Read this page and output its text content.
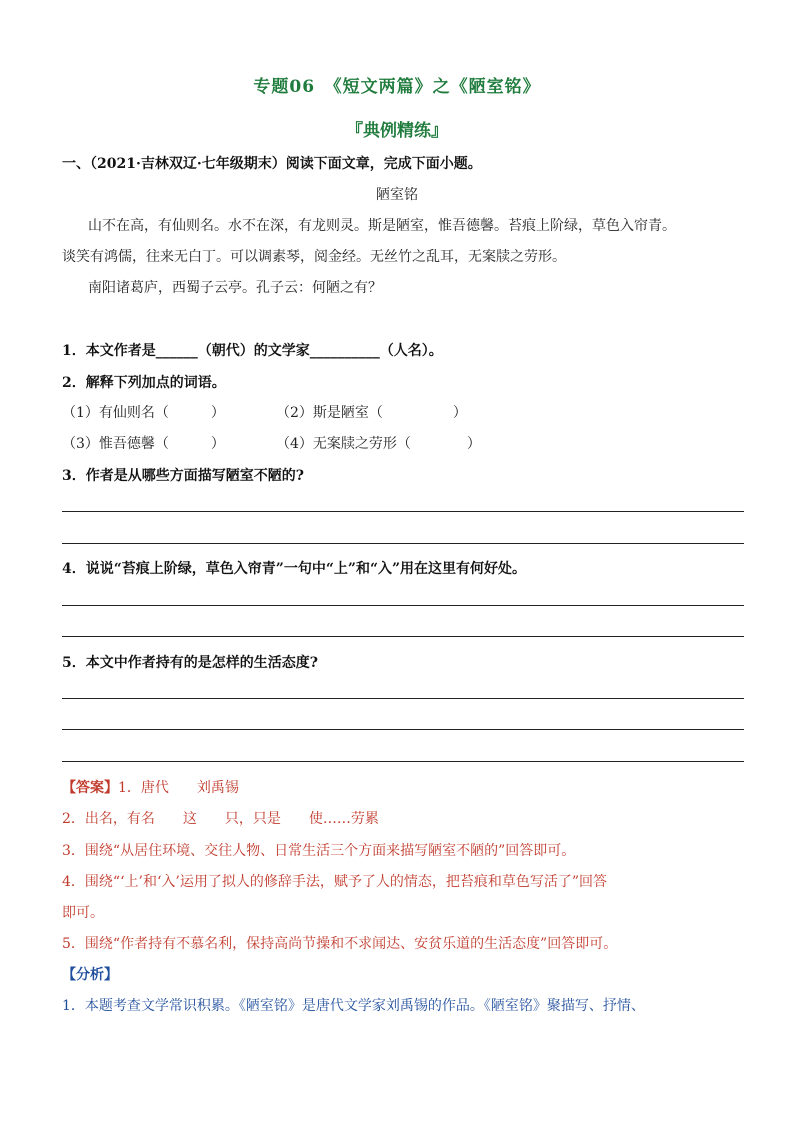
专题06　《短文两篇》之《陋室铭》
『典例精练』
一、（2021·吉林双辽·七年级期末）阅读下面文章，完成下面小题。
陋室铭
山不在高，有仙则名。水不在深，有龙则灵。斯是陋室，惟吾德馨。苔痕上阶绿，草色入帘青。
谈笑有鸿儒，往来无白丁。可以调素琴，阅金经。无丝竹之乱耳，无案牍之劳形。
南阳诸葛庐，西蜀子云亭。孔子云：何陋之有？
1．本文作者是______（朝代）的文学家__________（人名）。
2．解释下列加点的词语。
（1）有仙则名（　　　）	（2）斯是陋室（　　　　　）
（3）惟吾德馨（　　　）	（4）无案牍之劳形（　　　　）
3．作者是从哪些方面描写陋室不陋的?
4．说说“苔痕上阶绿，草色入帘青”一句中“上”和“入”用在这里有何好处。
5．本文中作者持有的是怎样的生活态度?
【答案】1．唐代　　刘禹锡
2．出名，有名　　这　　只，只是　　使……劳累
3．围绕“从居住环境、交往人物、日常生活三个方面来描写陋室不陋的”回答即可。
4．围绕“‘上’和‘入’运用了拟人的修辞手法，赋予了人的情态，把苔痕和草色写活了”回答
即可。
5．围绕“作者持有不慕名利，保持高尚节操和不求闻达、安贫乐道的生活态度”回答即可。
【分析】
1．本题考查文学常识积累。《陋室铭》是唐代文学家刘禹锡的作品。《陋室铭》聚描写、抒情、
